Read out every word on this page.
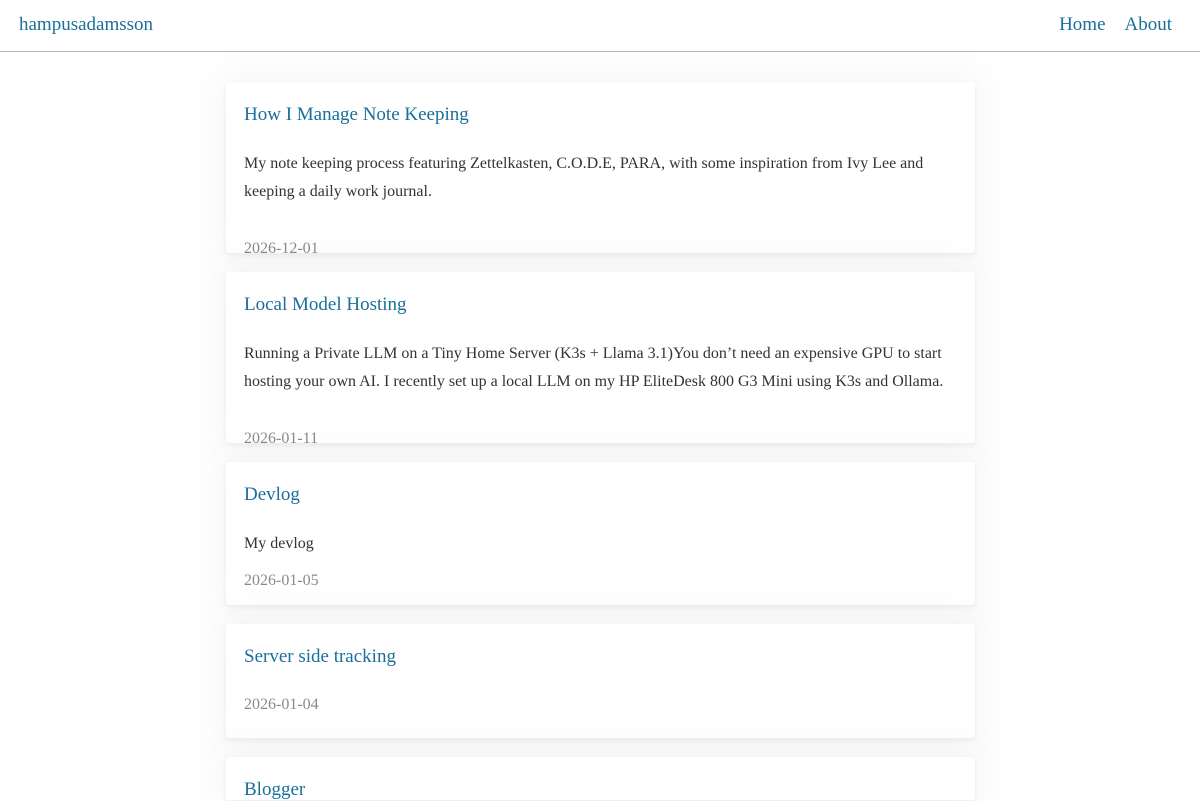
hampusadamsson	Home About
How I Manage Note Keeping

My note keeping process featuring Zettelkasten, C.O.D.E, PARA, with some inspiration from Ivy Lee and keeping a daily work journal.

2026-12-01
Local Model Hosting

Running a Private LLM on a Tiny Home Server (K3s + Llama 3.1)You don’t need an expensive GPU to start hosting your own AI. I recently set up a local LLM on my HP EliteDesk 800 G3 Mini using K3s and Ollama.

2026-01-11
Devlog

My devlog

2026-01-05
Server side tracking
2026-01-04
Blogger
